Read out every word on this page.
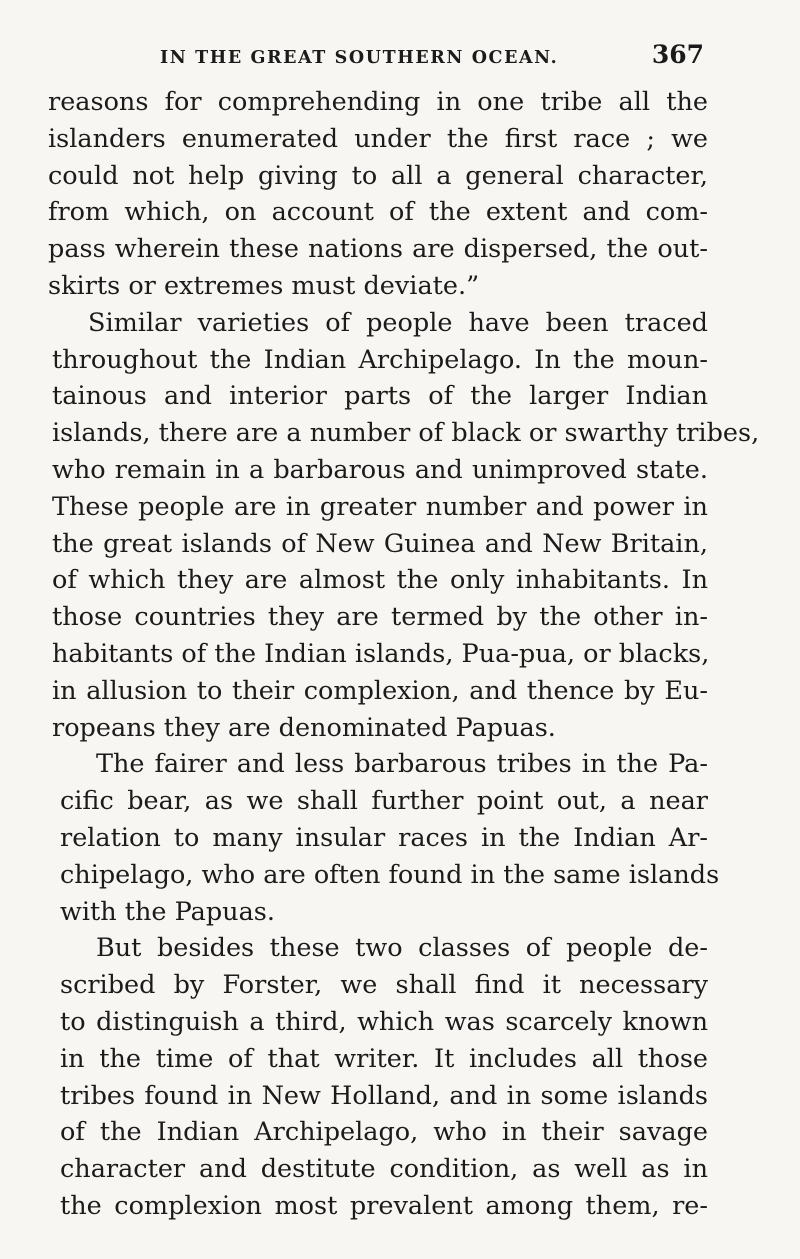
IN THE GREAT SOUTHERN OCEAN.	367
reasons for comprehending in one tribe all the
islanders enumerated under the first race ; we
could not help giving to all a general character,
from which, on account of the extent and com-
pass wherein these nations are dispersed, the out-
skirts or extremes must deviate.”
Similar varieties of people have been traced
throughout the Indian Archipelago. In the moun-
tainous and interior parts of the larger Indian
islands, there are a number of black or swarthy tribes,
who remain in a barbarous and unimproved state.
These people are in greater number and power in
the great islands of New Guinea and New Britain,
of which they are almost the only inhabitants. In
those countries they are termed by the other in-
habitants of the Indian islands, Pua-pua, or blacks,
in allusion to their complexion, and thence by Eu-
ropeans they are denominated Papuas.
The fairer and less barbarous tribes in the Pa-
cific bear, as we shall further point out, a near
relation to many insular races in the Indian Ar-
chipelago, who are often found in the same islands
with the Papuas.
But besides these two classes of people de-
scribed by Forster, we shall find it necessary
to distinguish a third, which was scarcely known
in the time of that writer. It includes all those
tribes found in New Holland, and in some islands
of the Indian Archipelago, who in their savage
character and destitute condition, as well as in
the complexion most prevalent among them, re-
